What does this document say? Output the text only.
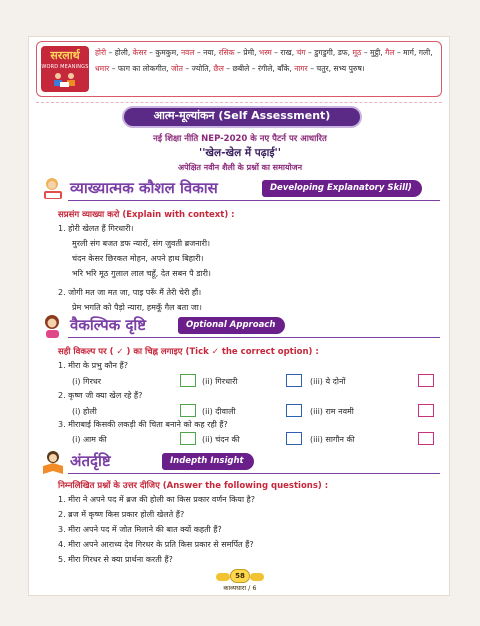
सरलार्थ
WORD MEANINGS
होरी – होली, केसर – कुमकुम, नवल – नया, रसिक – प्रेमी, भस्म – राख, चंग – डुगडुगी, डफ, मूठ – मुट्ठी, गैल – मार्ग, गली, धमार – फाग का लोकगीत, जोत – ज्योति, छैल – छबीले – रंगीले, बाँके, नागर – चतुर, सभ्य पुरुष।
आत्म-मूल्यांकन (Self Assessment)
नई शिक्षा नीति NEP-2020 के नए पैटर्न पर आधारित
''खेल-खेल में पढ़ाई''
अपेक्षित नवीन शैली के प्रश्नों का समायोजन
व्याख्यात्मक कौशल विकास	Developing Explanatory Skill)
सप्रसंग व्याख्या करो (Explain with context) :
1. होरी खेलत हैं गिरधारी।
मुरली संग बजत डफ न्यारों, संग जुवती ब्रजनारी।
चंदन केसर छिरकत मोहन, अपने हाथ बिहारी।
भरि भरि मूठ गुलाल लाल चहूँ, देत सबन पै डारी।
2. जोगी मत जा मत जा, पाइ परूँ मैं तेरी चेरी हौं।
प्रेम भगति को पैड़ो न्यारा, हमकूँ गैल बता जा।
वैकल्पिक दृष्टि	Optional Approach
सही विकल्प पर ( ✓ ) का चिह्न लगाइए (Tick ✓ the correct option) :
1. मीरा के प्रभु कौन हैं?
(i) गिरधर	(ii) गिरधारी	(iii) ये दोनों
2. कृष्ण जी क्या खेल रहे हैं?
(i) होली	(ii) दीवाली	(iii) राम नवमी
3. मीराबाई किसकी लकड़ी की चिता बनाने को कह रही हैं?
(i) आम की	(ii) चंदन की	(iii) सागौन की
अंतर्दृष्टि	Indepth Insight
निम्नलिखित प्रश्नों के उत्तर दीजिए (Answer the following questions) :
1. मीरा ने अपने पद में ब्रज की होली का किस प्रकार वर्णन किया है?
2. ब्रज में कृष्ण किस प्रकार होली खेलते हैं?
3. मीरा अपने पद में जोत मिलाने की बात क्यों कहती हैं?
4. मीरा अपने आराध्य देव गिरधर के प्रति किस प्रकार से समर्पित हैं?
5. मीरा गिरधर से क्या प्रार्थना करती हैं?
58
काव्यधारा / 6
